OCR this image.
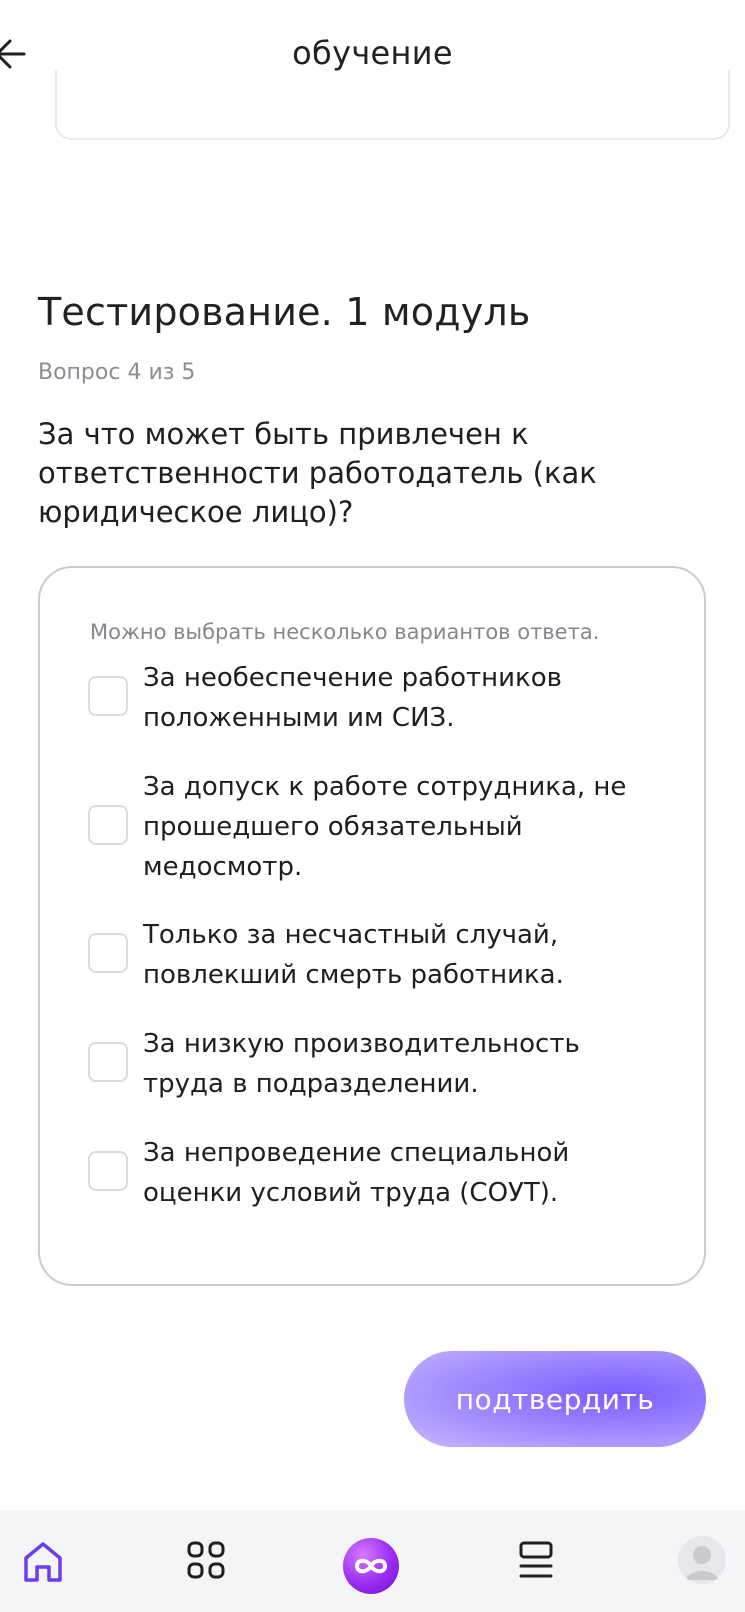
обучение
Тестирование. 1 модуль
Вопрос 4 из 5
За что может быть привлечен к ответственности работодатель (как юридическое лицо)?
Можно выбрать несколько вариантов ответа.
За необеспечение работников положенными им СИЗ.
За допуск к работе сотрудника, не прошедшего обязательный медосмотр.
Только за несчастный случай, повлекший смерть работника.
За низкую производительность труда в подразделении.
За непроведение специальной оценки условий труда (СОУТ).
подтвердить
